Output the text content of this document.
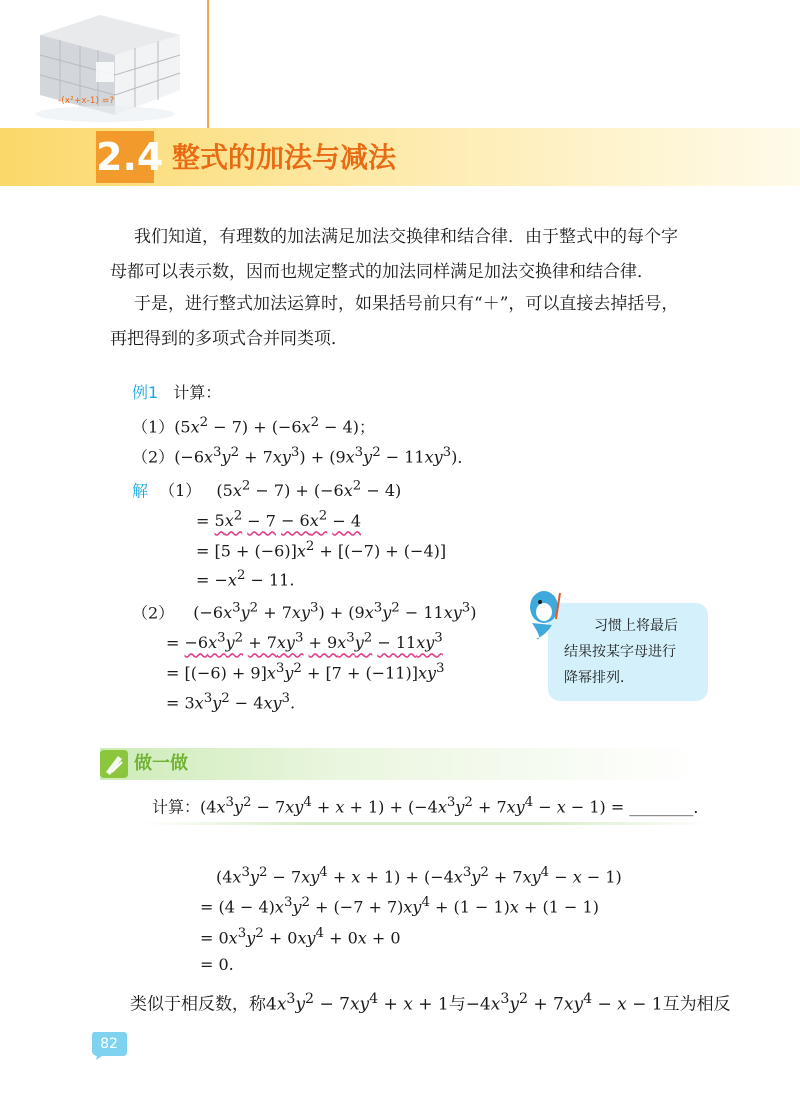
-(x²+x-1) =?
2.4 整式的加法与减法

我们知道，有理数的加法满足加法交换律和结合律．由于整式中的每个字

母都可以表示数，因而也规定整式的加法同样满足加法交换律和结合律．

于是，进行整式加法运算时，如果括号前只有“＋”，可以直接去掉括号，

再把得到的多项式合并同类项．

例1 计算：
$(1)(5x^2 - 7) + (-6x^2 - 4)$；
$(2)(-6x^3y^2 + 7xy^3) + (9x^3y^2 - 11xy^3)$．
解 （1） $(5x^2 - 7) + (-6x^2 - 4)$
= $5x^2 - 7 - 6x^2 - 4$
= $[5 + (-6)]x^2 + [(-7) + (-4)]$
= $-x^2 - 11$.
（2） $(-6x^3y^2 + 7xy^3) + (9x^3y^2 - 11xy^3)$
= $-6x^3y^2 + 7xy^3 + 9x^3y^2 - 11xy^3$
= $[(-6) + 9]x^3y^2 + [7 + (-11)]xy^3$
= $3x^3y^2 - 4xy^3$.
习惯上将最后
结果按某字母进行
降幂排列．
做一做
计算：$(4x^3y^2 - 7xy^4 + x + 1) + (-4x^3y^2 + 7xy^4 - x - 1)$ = ________．
$(4x^3y^2 - 7xy^4 + x + 1) + (-4x^3y^2 + 7xy^4 - x - 1)$
= $(4 - 4)x^3y^2 + (-7 + 7)xy^4 + (1 - 1)x + (1 - 1)$
= $0x^3y^2 + 0xy^4 + 0x + 0$
= 0.
类似于相反数，称$4x^3y^2 - 7xy^4 + x + 1$与$-4x^3y^2 + 7xy^4 - x - 1$互为相反
82
